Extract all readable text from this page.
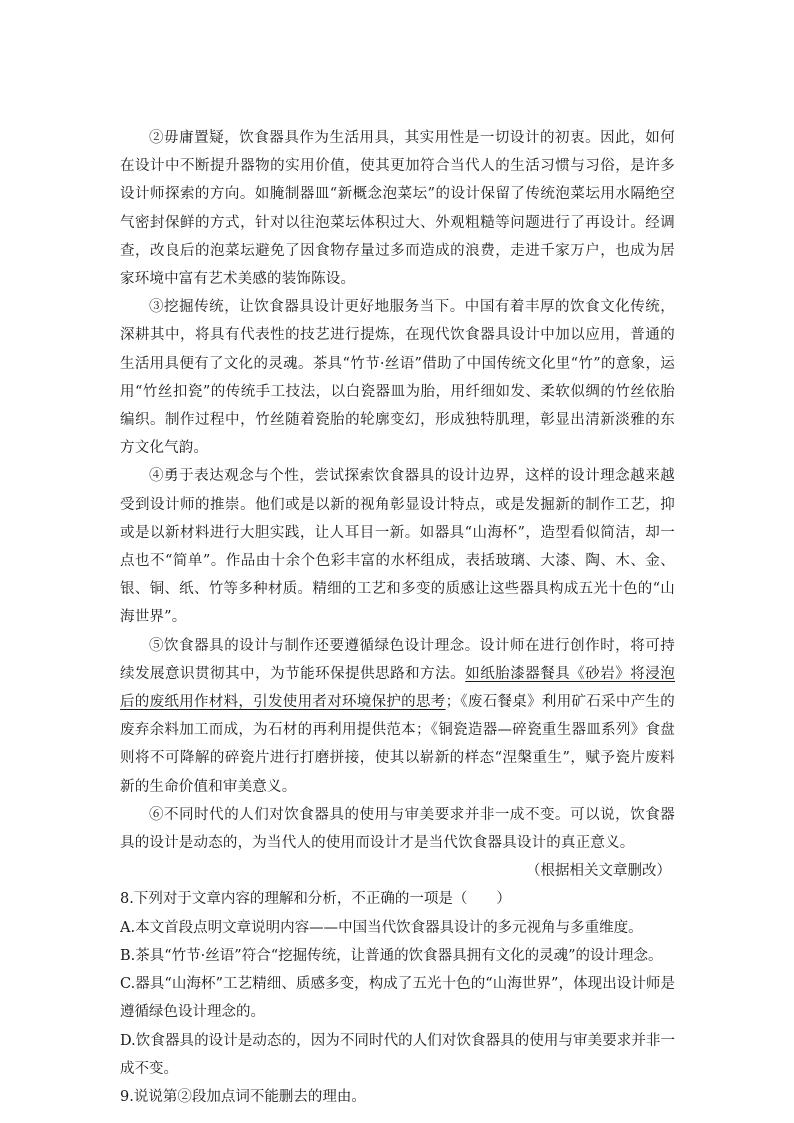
②毋庸置疑，饮食器具作为生活用具，其实用性是一切设计的初衷。因此，如何在设计中不断提升器物的实用价值，使其更加符合当代人的生活习惯与习俗，是许多设计师探索的方向。如腌制器皿“新概念泡菜坛”的设计保留了传统泡菜坛用水隔绝空气密封保鲜的方式，针对以往泡菜坛体积过大、外观粗糙等问题进行了再设计。经调查，改良后的泡菜坛避免了因食物存量过多而造成的浪费，走进千家万户，也成为居家环境中富有艺术美感的装饰陈设。

③挖掘传统，让饮食器具设计更好地服务当下。中国有着丰厚的饮食文化传统，深耕其中，将具有代表性的技艺进行提炼，在现代饮食器具设计中加以应用，普通的生活用具便有了文化的灵魂。茶具“竹节·丝语”借助了中国传统文化里“竹”的意象，运用“竹丝扣瓷”的传统手工技法，以白瓷器皿为胎，用纤细如发、柔软似绸的竹丝依胎编织。制作过程中，竹丝随着瓷胎的轮廓变幻，形成独特肌理，彰显出清新淡雅的东方文化气韵。

④勇于表达观念与个性，尝试探索饮食器具的设计边界，这样的设计理念越来越受到设计师的推崇。他们或是以新的视角彰显设计特点，或是发掘新的制作工艺，抑或是以新材料进行大胆实践，让人耳目一新。如器具“山海杯”，造型看似简洁，却一点也不“简单”。作品由十余个色彩丰富的水杯组成，表括玻璃、大漆、陶、木、金、银、铜、纸、竹等多种材质。精细的工艺和多变的质感让这些器具构成五光十色的“山海世界”。

⑤饮食器具的设计与制作还要遵循绿色设计理念。设计师在进行创作时，将可持续发展意识贯彻其中，为节能环保提供思路和方法。如纸胎漆器餐具《砂岩》将浸泡后的废纸用作材料，引发使用者对环境保护的思考；《废石餐桌》利用矿石采中产生的废弃余料加工而成，为石材的再利用提供范本；《铜瓷造器—碎瓷重生器皿系列》食盘则将不可降解的碎瓷片进行打磨拼接，使其以崭新的样态“涅槃重生”，赋予瓷片废料新的生命价值和审美意义。

⑥不同时代的人们对饮食器具的使用与审美要求并非一成不变。可以说，饮食器具的设计是动态的，为当代人的使用而设计才是当代饮食器具设计的真正意义。

（根据相关文章删改）

8.下列对于文章内容的理解和分析，不正确的一项是（　　）

A.本文首段点明文章说明内容——中国当代饮食器具设计的多元视角与多重维度。

B.茶具“竹节·丝语”符合“挖掘传统，让普通的饮食器具拥有文化的灵魂”的设计理念。

C.器具“山海杯”工艺精细、质感多变，构成了五光十色的“山海世界”，体现出设计师是遵循绿色设计理念的。

D.饮食器具的设计是动态的，因为不同时代的人们对饮食器具的使用与审美要求并非一成不变。

9.说说第②段加点词不能删去的理由。
